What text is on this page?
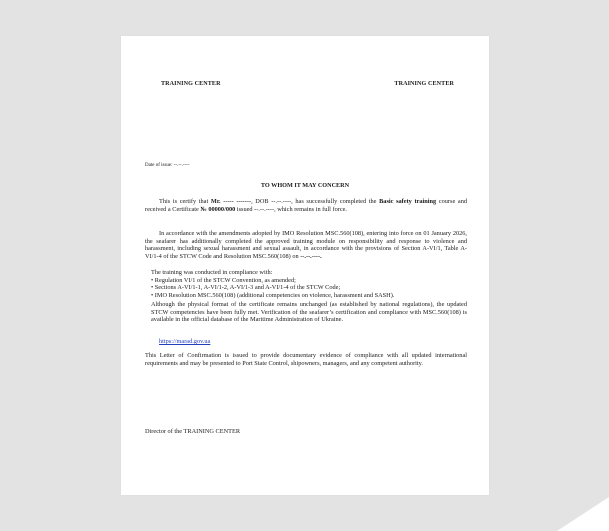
TRAINING CENTER	TRAINING CENTER
Date of issue: --.--.----
TO WHOM IT MAY CONCERN

This is certify that Mr. ----- -------, DOB --.--.----, has successfully completed the Basic safety training course and received a Certificate № 00000/000 issued --.--.----, which remains in full force.

In accordance with the amendments adopted by IMO Resolution MSC.560(108), entering into force on 01 January 2026, the seafarer has additionally completed the approved training module on responsibility and response to violence and harassment, including sexual harassment and sexual assault, in accordance with the provisions of Section A-VI/1, Table A-VI/1-4 of the STCW Code and Resolution MSC.560(108) on --.--.----.

The training was conducted in compliance with:

• Regulation VI/1 of the STCW Convention, as amended;

• Sections A-VI/1-1, A-VI/1-2, A-VI/1-3 and A-VI/1-4 of the STCW Code;

• IMO Resolution MSC.560(108) (additional competencies on violence, harassment and SASH).

Although the physical format of the certificate remains unchanged (as established by national regulations), the updated STCW competencies have been fully met. Verification of the seafarer’s certification and compliance with MSC.560(108) is available in the official database of the Maritime Administration of Ukraine.

https://marad.gov.ua

This Letter of Confirmation is issued to provide documentary evidence of compliance with all updated international requirements and may be presented to Port State Control, shipowners, managers, and any competent authority.

Director of the TRAINING CENTER
